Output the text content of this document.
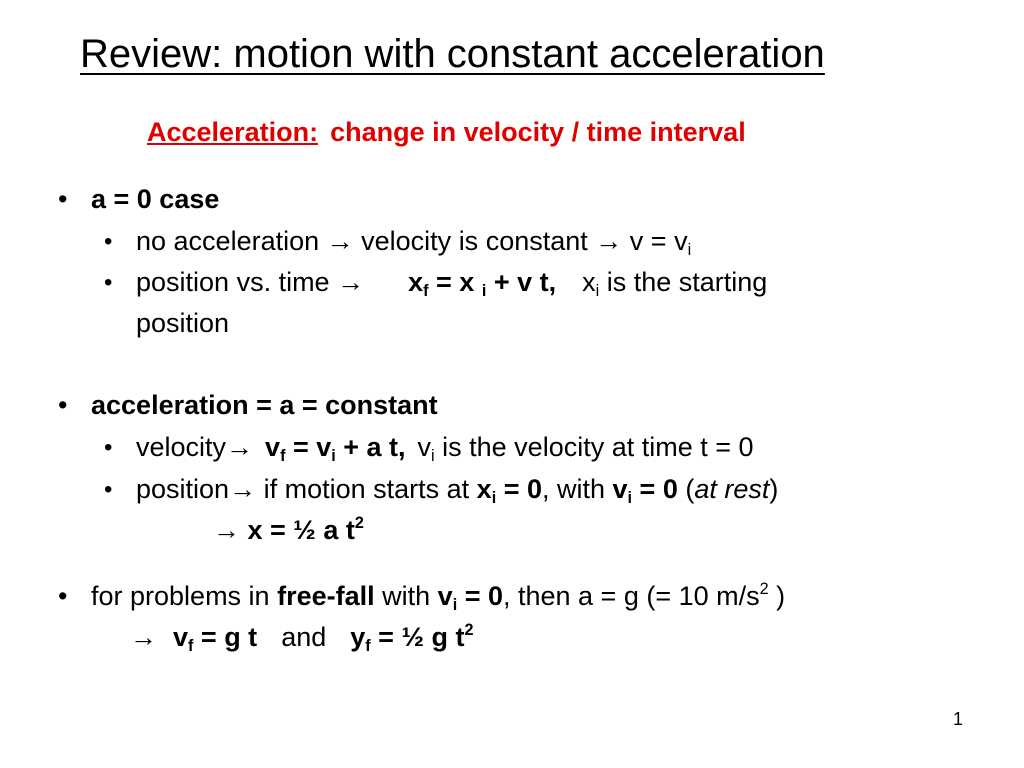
Review: motion with constant acceleration
Acceleration: change in velocity / time interval
• a = 0 case
• no acceleration → velocity is constant → $v = v_i$
• position vs. time → $x_f = x$ $_i$ + v t, $x_i$ is the starting
position
• acceleration = a = constant
• velocity→ $v_f = v_i + a$ t, $v_i$ is the velocity at time t = 0
• position→ if motion starts at $x_i = 0$, with $v_i = 0$ (at rest)
→ x = ½ a $t^2$
• for problems in free-fall with $v_i = 0$, then a = g (= 10 $m/s^2$ )
→ $v_f = g$ t and $y_f$ = ½ g $t^2$
1
